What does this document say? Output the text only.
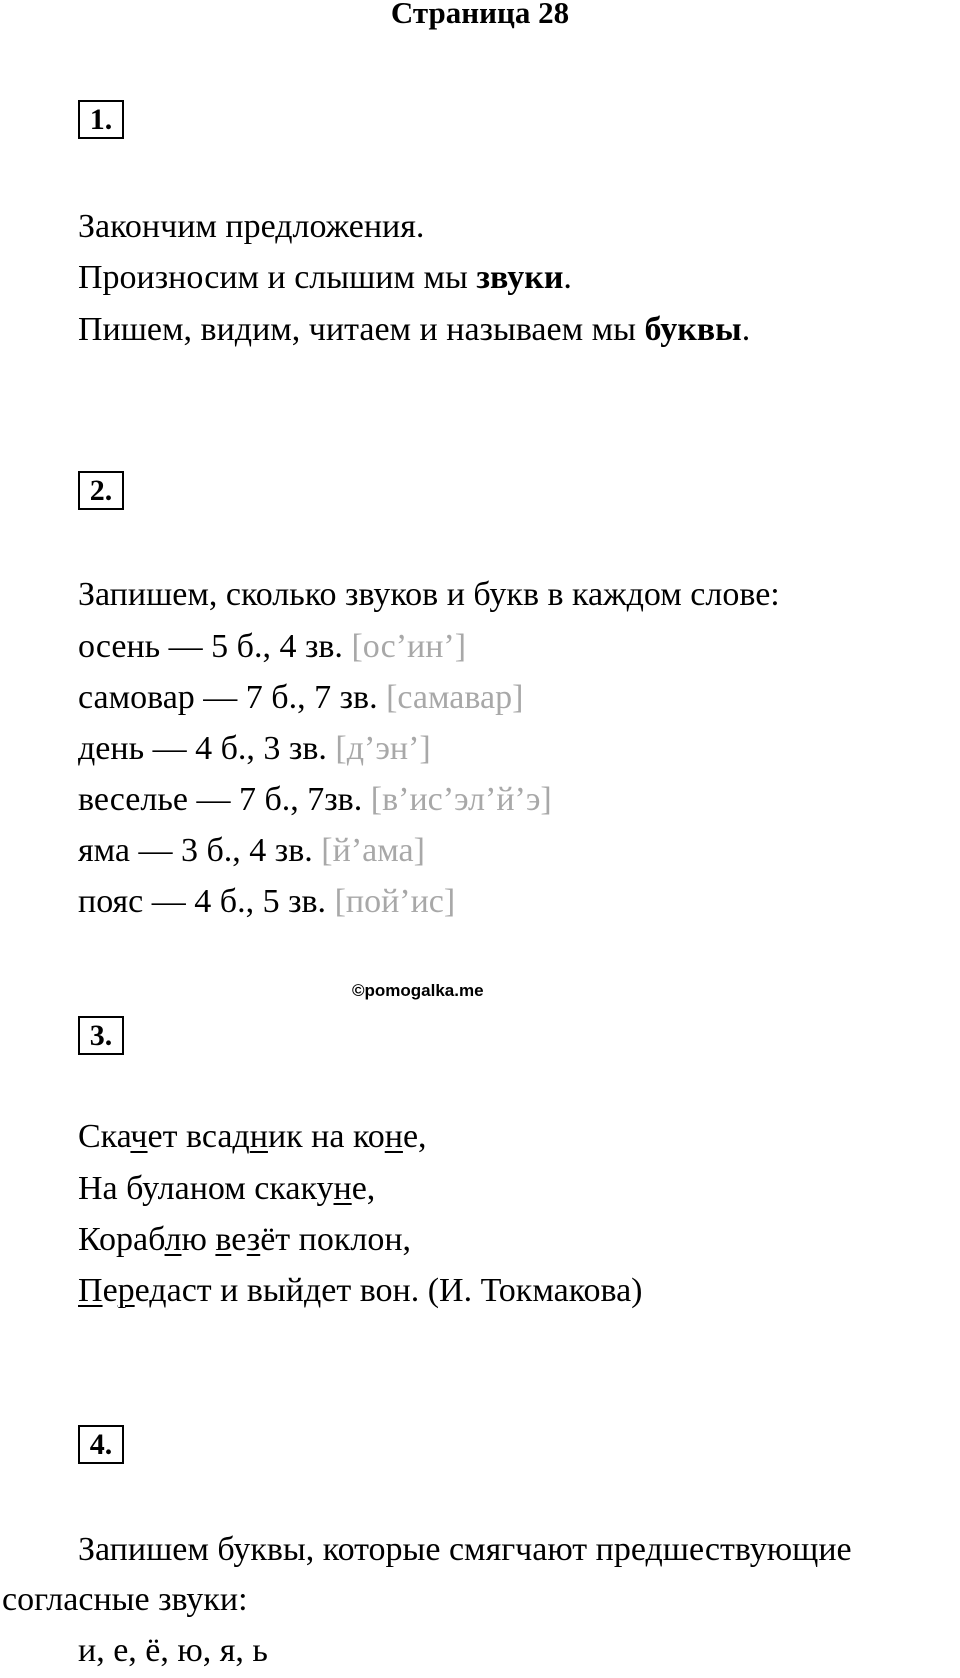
Страница 28
1.
Закончим предложения.
Произносим и слышим мы звуки.
Пишем, видим, читаем и называем мы буквы.
2.
Запишем, сколько звуков и букв в каждом слове:
осень — 5 б., 4 зв. [ос’ин’]
самовар — 7 б., 7 зв. [самавар]
день — 4 б., 3 зв. [д’эн’]
веселье — 7 б., 7зв. [в’ис’эл’й’э]
яма — 3 б., 4 зв. [й’ама]
пояс — 4 б., 5 зв. [пой’ис]
©pomogalka.me
3.
Скачет всадник на коне,
На буланом скакуне,
Кораблю везёт поклон,
Передаст и выйдет вон. (И. Токмакова)
4.
Запишем буквы, которые смягчают предшествующие
согласные звуки:
и, е, ё, ю, я, ь
